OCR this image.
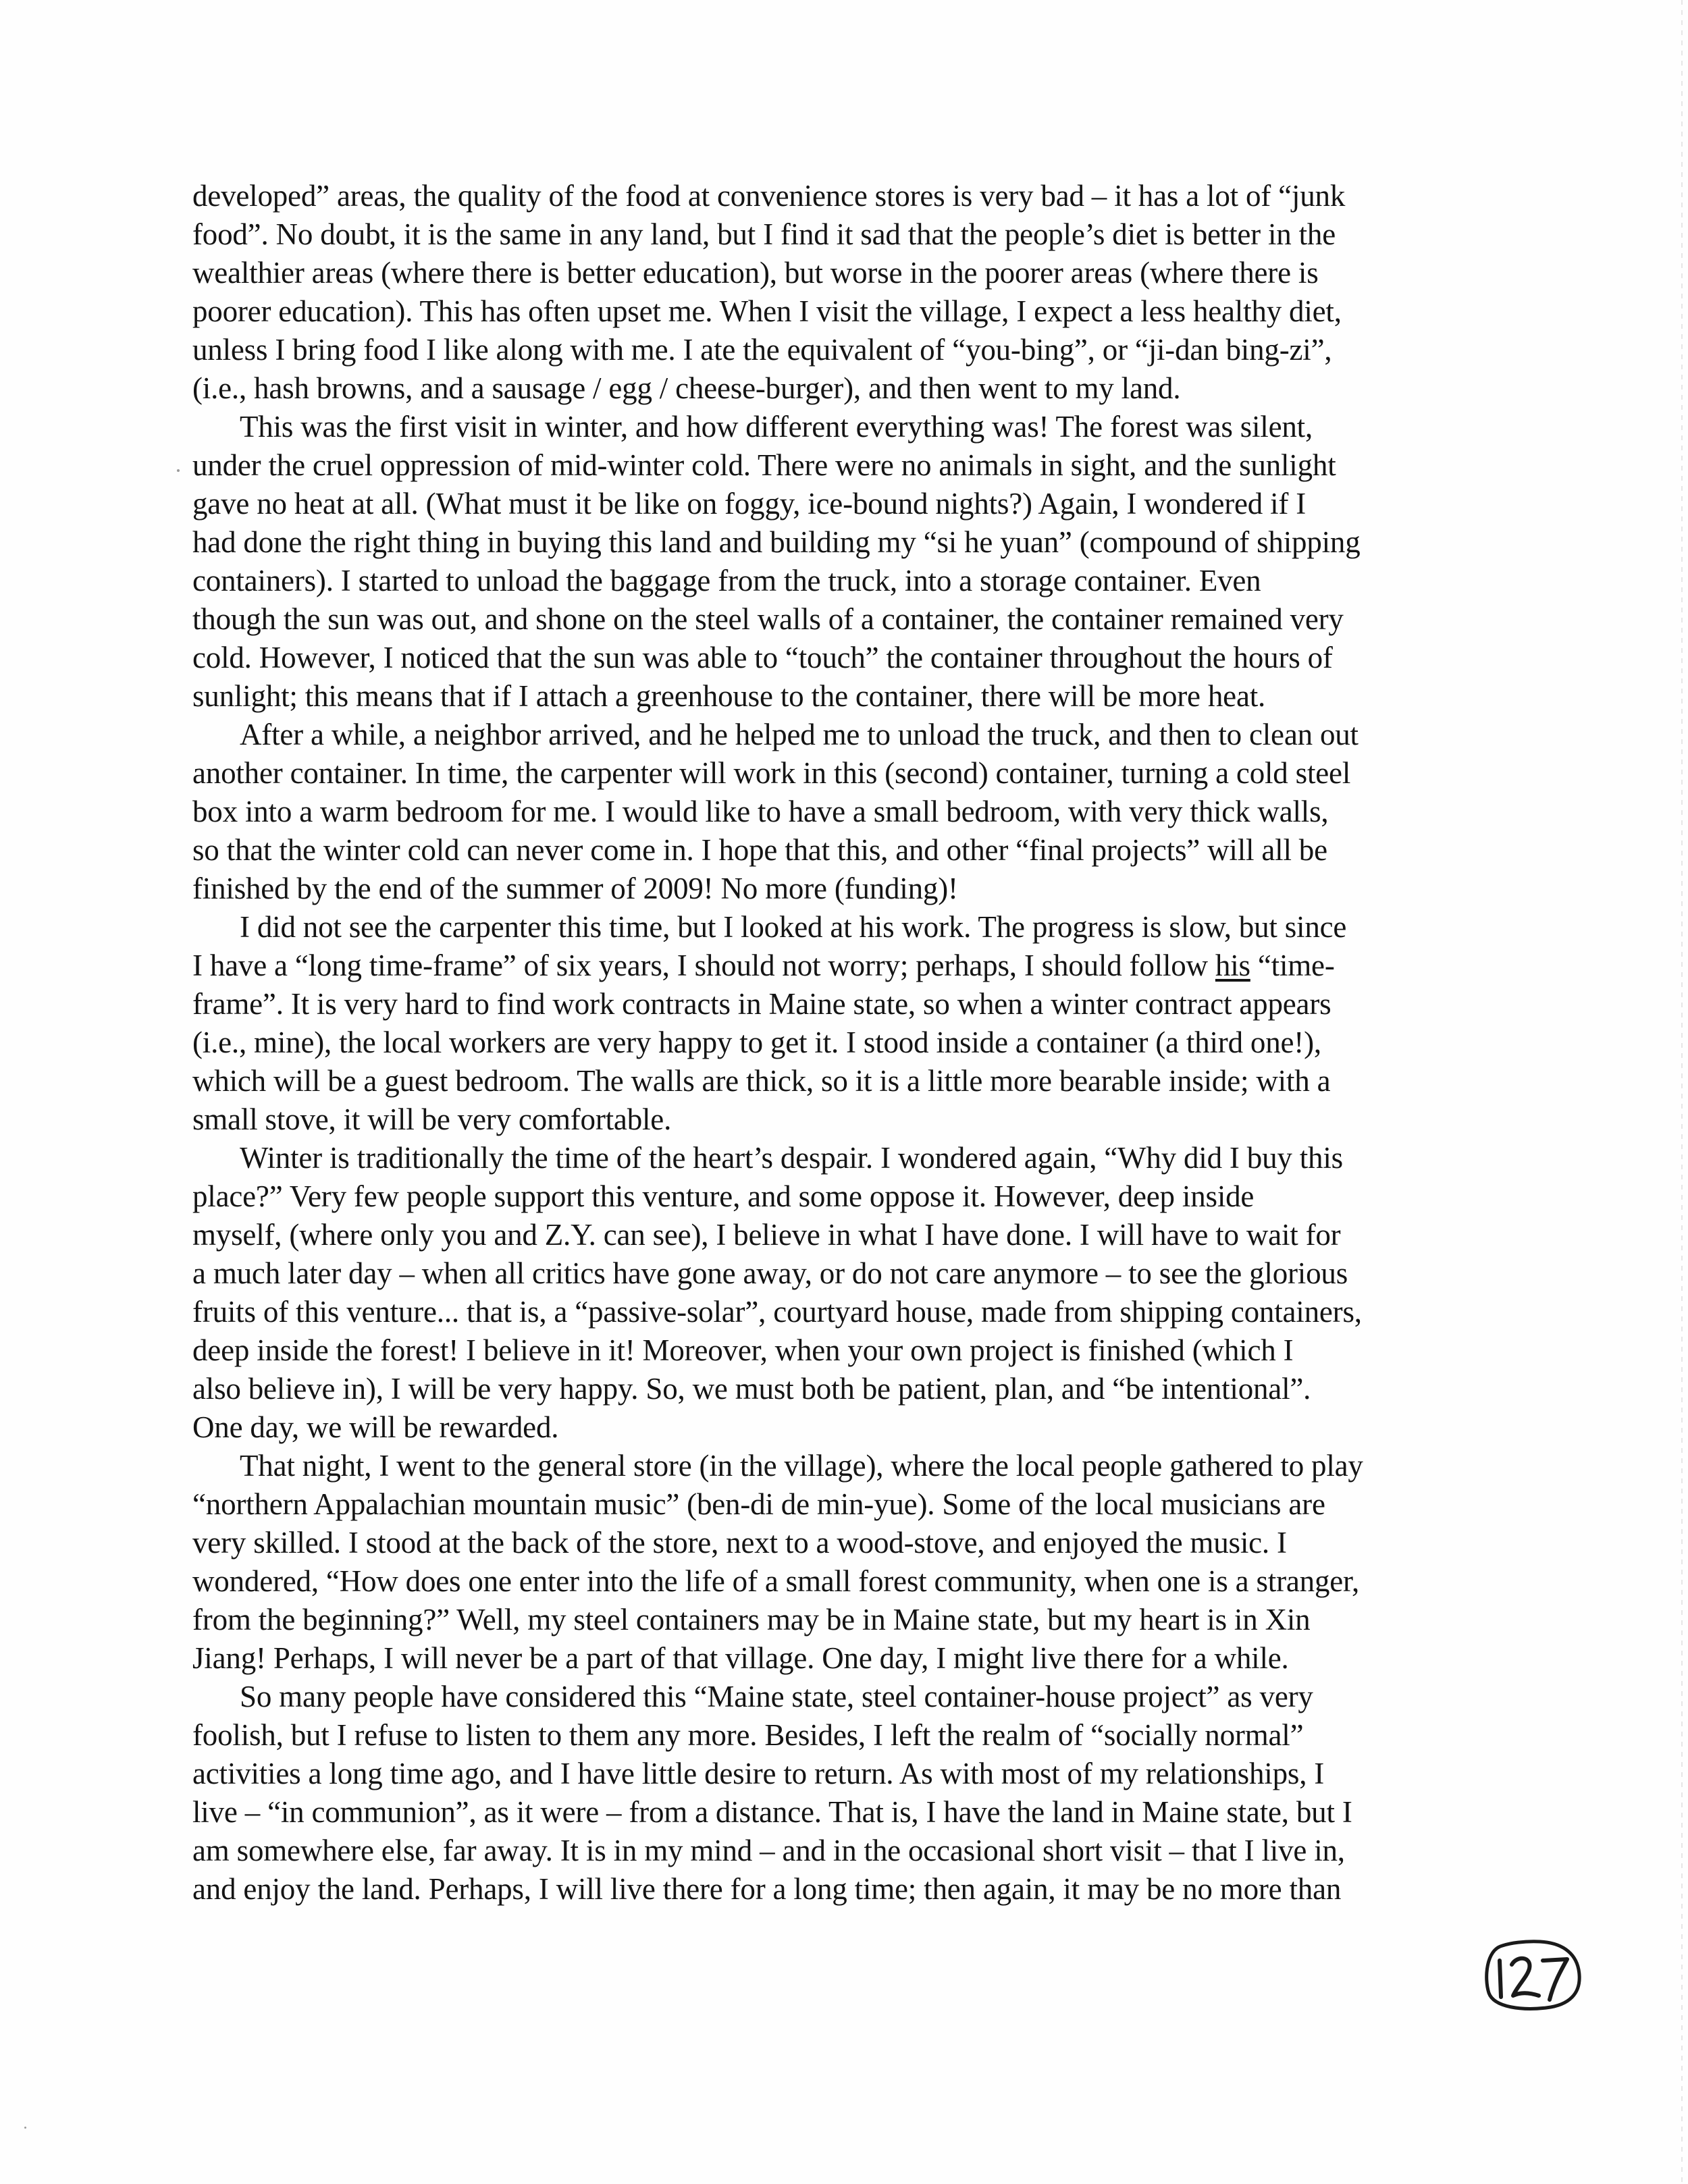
developed” areas, the quality of the food at convenience stores is very bad – it has a lot of “junk
food”. No doubt, it is the same in any land, but I find it sad that the people’s diet is better in the
wealthier areas (where there is better education), but worse in the poorer areas (where there is
poorer education). This has often upset me. When I visit the village, I expect a less healthy diet,
unless I bring food I like along with me. I ate the equivalent of “you-bing”, or “ji-dan bing-zi”,
(i.e., hash browns, and a sausage / egg / cheese-burger), and then went to my land.
This was the first visit in winter, and how different everything was! The forest was silent,
under the cruel oppression of mid-winter cold. There were no animals in sight, and the sunlight
gave no heat at all. (What must it be like on foggy, ice-bound nights?) Again, I wondered if I
had done the right thing in buying this land and building my “si he yuan” (compound of shipping
containers). I started to unload the baggage from the truck, into a storage container. Even
though the sun was out, and shone on the steel walls of a container, the container remained very
cold. However, I noticed that the sun was able to “touch” the container throughout the hours of
sunlight; this means that if I attach a greenhouse to the container, there will be more heat.
After a while, a neighbor arrived, and he helped me to unload the truck, and then to clean out
another container. In time, the carpenter will work in this (second) container, turning a cold steel
box into a warm bedroom for me. I would like to have a small bedroom, with very thick walls,
so that the winter cold can never come in. I hope that this, and other “final projects” will all be
finished by the end of the summer of 2009! No more (funding)!
I did not see the carpenter this time, but I looked at his work. The progress is slow, but since
I have a “long time-frame” of six years, I should not worry; perhaps, I should follow his “time-
frame”. It is very hard to find work contracts in Maine state, so when a winter contract appears
(i.e., mine), the local workers are very happy to get it. I stood inside a container (a third one!),
which will be a guest bedroom. The walls are thick, so it is a little more bearable inside; with a
small stove, it will be very comfortable.
Winter is traditionally the time of the heart’s despair. I wondered again, “Why did I buy this
place?” Very few people support this venture, and some oppose it. However, deep inside
myself, (where only you and Z.Y. can see), I believe in what I have done. I will have to wait for
a much later day – when all critics have gone away, or do not care anymore – to see the glorious
fruits of this venture... that is, a “passive-solar”, courtyard house, made from shipping containers,
deep inside the forest! I believe in it! Moreover, when your own project is finished (which I
also believe in), I will be very happy. So, we must both be patient, plan, and “be intentional”.
One day, we will be rewarded.
That night, I went to the general store (in the village), where the local people gathered to play
“northern Appalachian mountain music” (ben-di de min-yue). Some of the local musicians are
very skilled. I stood at the back of the store, next to a wood-stove, and enjoyed the music. I
wondered, “How does one enter into the life of a small forest community, when one is a stranger,
from the beginning?” Well, my steel containers may be in Maine state, but my heart is in Xin
Jiang! Perhaps, I will never be a part of that village. One day, I might live there for a while.
So many people have considered this “Maine state, steel container-house project” as very
foolish, but I refuse to listen to them any more. Besides, I left the realm of “socially normal”
activities a long time ago, and I have little desire to return. As with most of my relationships, I
live – “in communion”, as it were – from a distance. That is, I have the land in Maine state, but I
am somewhere else, far away. It is in my mind – and in the occasional short visit – that I live in,
and enjoy the land. Perhaps, I will live there for a long time; then again, it may be no more than
